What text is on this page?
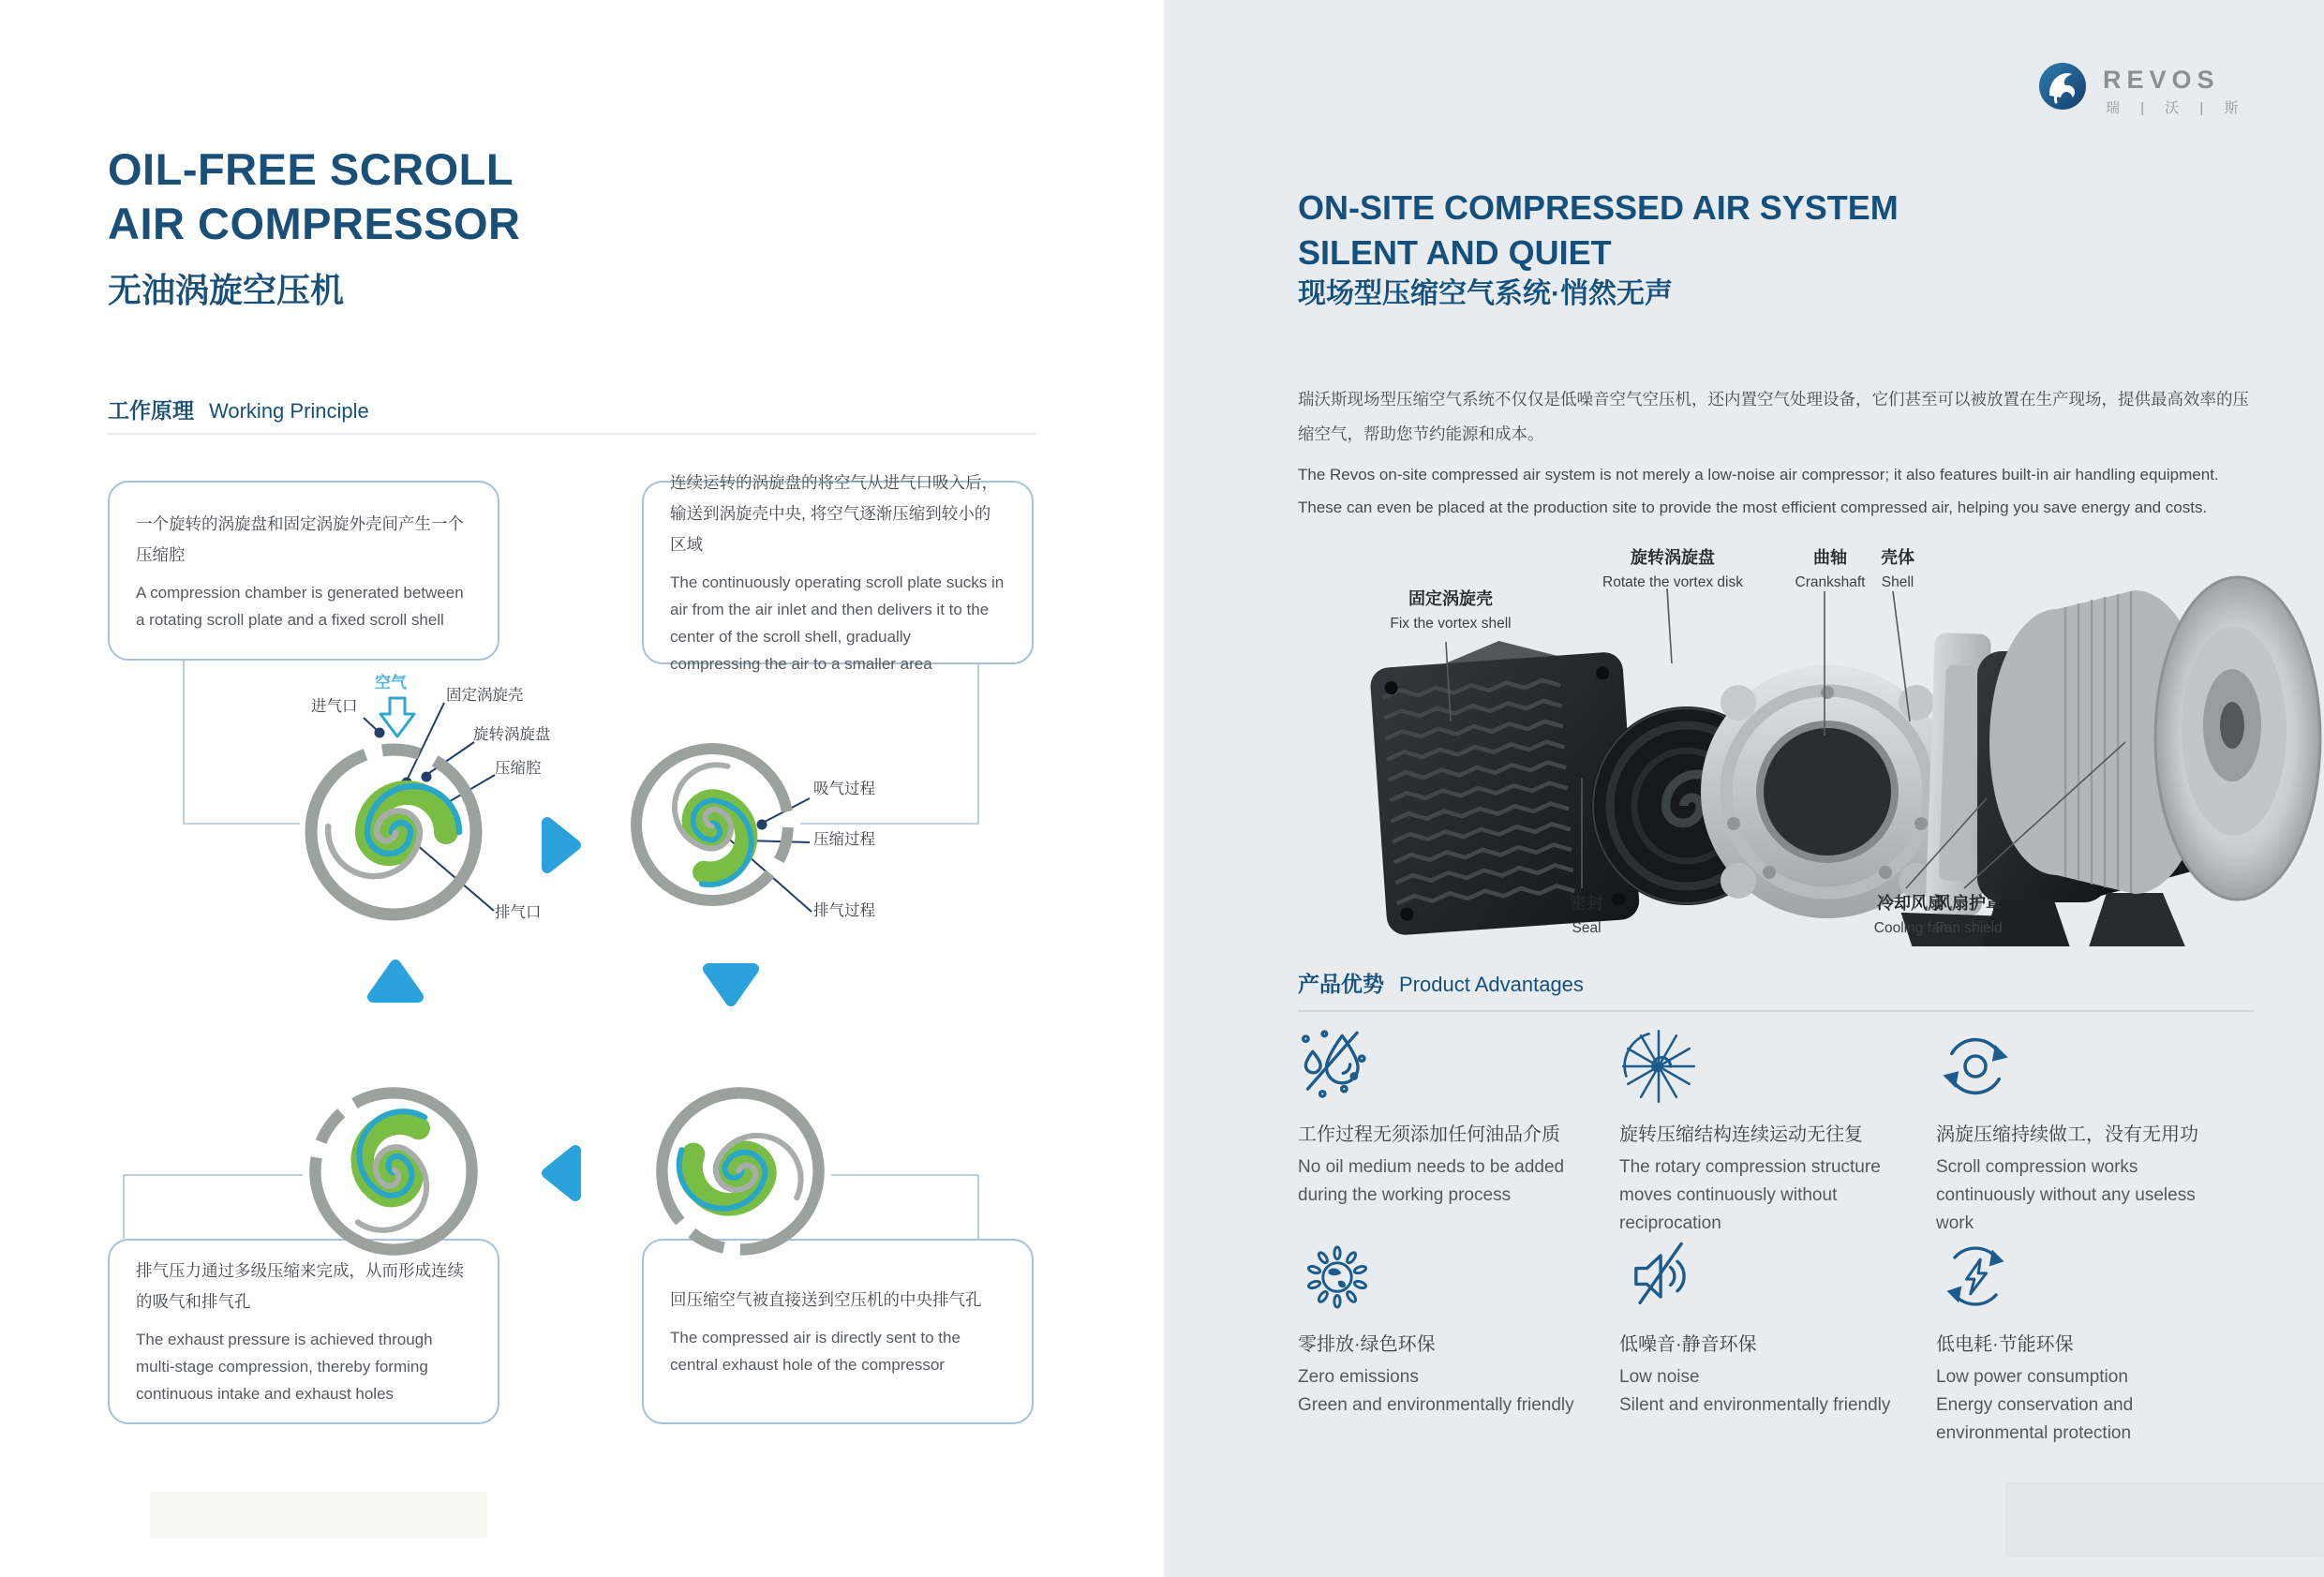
OIL-FREE SCROLL
AIR COMPRESSOR
无油涡旋空压机
工作原理 Working Principle
一个旋转的涡旋盘和固定涡旋外壳间产生一个压缩腔
A compression chamber is generated between a rotating scroll plate and a fixed scroll shell
连续运转的涡旋盘的将空气从进气口吸入后，输送到涡旋壳中央, 将空气逐渐压缩到较小的区域
The continuously operating scroll plate sucks in air from the air inlet and then delivers it to the center of the scroll shell, gradually compressing the air to a smaller area
排气压力通过多级压缩来完成，从而形成连续的吸气和排气孔
The exhaust pressure is achieved through multi-stage compression, thereby forming continuous intake and exhaust holes
回压缩空气被直接送到空压机的中央排气孔
The compressed air is directly sent to the central exhaust hole of the compressor
空气
进气口
固定涡旋壳
旋转涡旋盘
压缩腔
排气口
吸气过程
压缩过程
排气过程
REVOS
瑞 | 沃 | 斯
ON-SITE COMPRESSED AIR SYSTEM
SILENT AND QUIET
现场型压缩空气系统·悄然无声
瑞沃斯现场型压缩空气系统不仅仅是低噪音空气空压机，还内置空气处理设备，它们甚至可以被放置在生产现场，提供最高效率的压缩空气，帮助您节约能源和成本。
The Revos on-site compressed air system is not merely a low-noise air compressor; it also features built-in air handling equipment. These can even be placed at the production site to provide the most efficient compressed air, helping you save energy and costs.
固定涡旋壳
Fix the vortex shell
旋转涡旋盘
Rotate the vortex disk
曲轴
Crankshaft
壳体
Shell
密封
Seal
冷却风扇
Cooling fan
风扇护罩
Fan shield
产品优势 Product Advantages
工作过程无须添加任何油品介质
No oil medium needs to be added during the working process
旋转压缩结构连续运动无往复
The rotary compression structure moves continuously without reciprocation
涡旋压缩持续做工，没有无用功
Scroll compression works continuously without any useless work
零排放·绿色环保
Zero emissions
Green and environmentally friendly
低噪音·静音环保
Low noise
Silent and environmentally friendly
低电耗·节能环保
Low power consumption
Energy conservation and environmental protection
